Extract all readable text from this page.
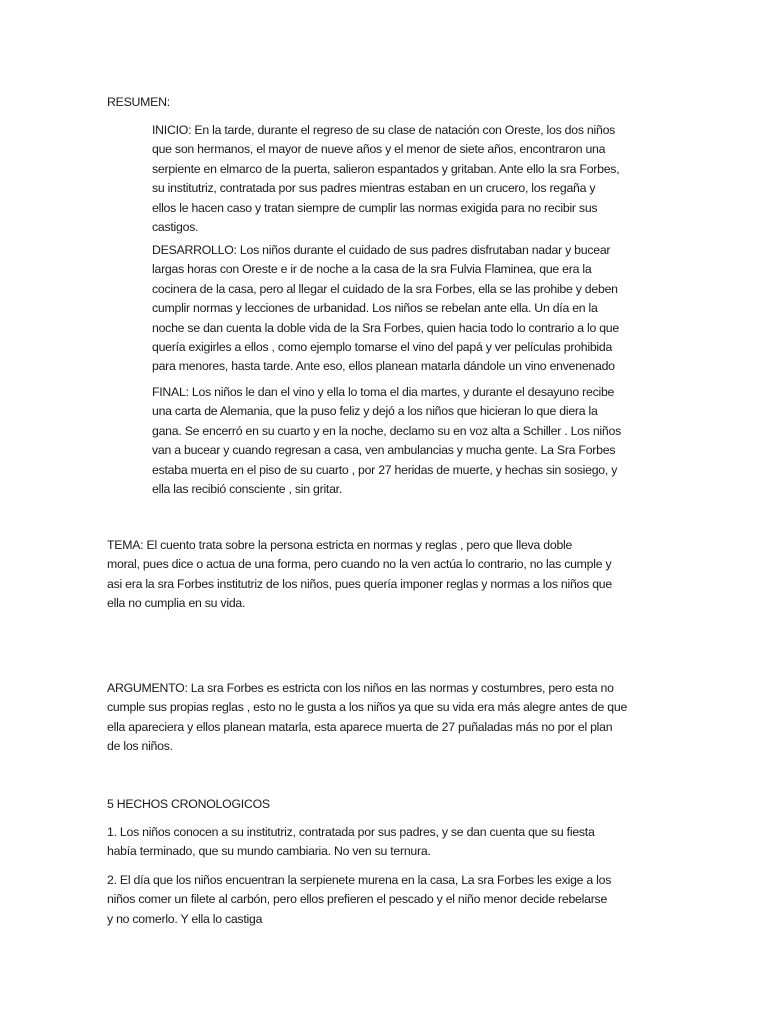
RESUMEN:
INICIO: En la tarde, durante el regreso de su clase de natación con Oreste, los dos niños
que son hermanos, el mayor de nueve años y el menor de siete años, encontraron una
serpiente en elmarco de la puerta, salieron espantados y gritaban. Ante ello la sra Forbes,
su institutriz, contratada por sus padres mientras estaban en un crucero, los regaña y
ellos le hacen caso y tratan siempre de cumplir las normas exigida para no recibir sus
castigos.
DESARROLLO: Los niños durante el cuidado de sus padres disfrutaban nadar y bucear
largas horas con Oreste e ir de noche a la casa de la sra Fulvia Flaminea, que era la
cocinera de la casa, pero al llegar el cuidado de la sra Forbes, ella se las prohibe y deben
cumplir normas y lecciones de urbanidad. Los niños se rebelan ante ella. Un día en la
noche se dan cuenta la doble vida de la Sra Forbes, quien hacia todo lo contrario a lo que
quería exigirles a ellos , como ejemplo tomarse el vino del papá y ver películas prohibida
para menores, hasta tarde. Ante eso, ellos planean matarla dándole un vino envenenado
FINAL: Los niños le dan el vino y ella lo toma el dia martes, y durante el desayuno recibe
una carta de Alemania, que la puso feliz y dejó a los niños que hicieran lo que diera la
gana. Se encerró en su cuarto y en la noche, declamo su en voz alta a Schiller . Los niños
van a bucear y cuando regresan a casa, ven ambulancias y mucha gente. La Sra Forbes
estaba muerta en el piso de su cuarto , por 27 heridas de muerte, y hechas sin sosiego, y
ella las recibió consciente , sin gritar.
TEMA: El cuento trata sobre la persona estricta en normas y reglas , pero que lleva doble
moral, pues dice o actua de una forma, pero cuando no la ven actúa lo contrario, no las cumple y
asi era la sra Forbes institutriz de los niños, pues quería imponer reglas y normas a los niños que
ella no cumplia en su vida.
ARGUMENTO: La sra Forbes es estricta con los niños en las normas y costumbres, pero esta no
cumple sus propias reglas , esto no le gusta a los niños ya que su vida era más alegre antes de que
ella apareciera y ellos planean matarla, esta aparece muerta de 27 puñaladas más no por el plan
de los niños.
5 HECHOS CRONOLOGICOS
1. Los niños conocen a su institutriz, contratada por sus padres, y se dan cuenta que su fiesta
había terminado, que su mundo cambiaria. No ven su ternura.
2. El día que los niños encuentran la serpienete murena en la casa, La sra Forbes les exige a los
niños comer un filete al carbón, pero ellos prefieren el pescado y el niño menor decide rebelarse
y no comerlo. Y ella lo castiga
